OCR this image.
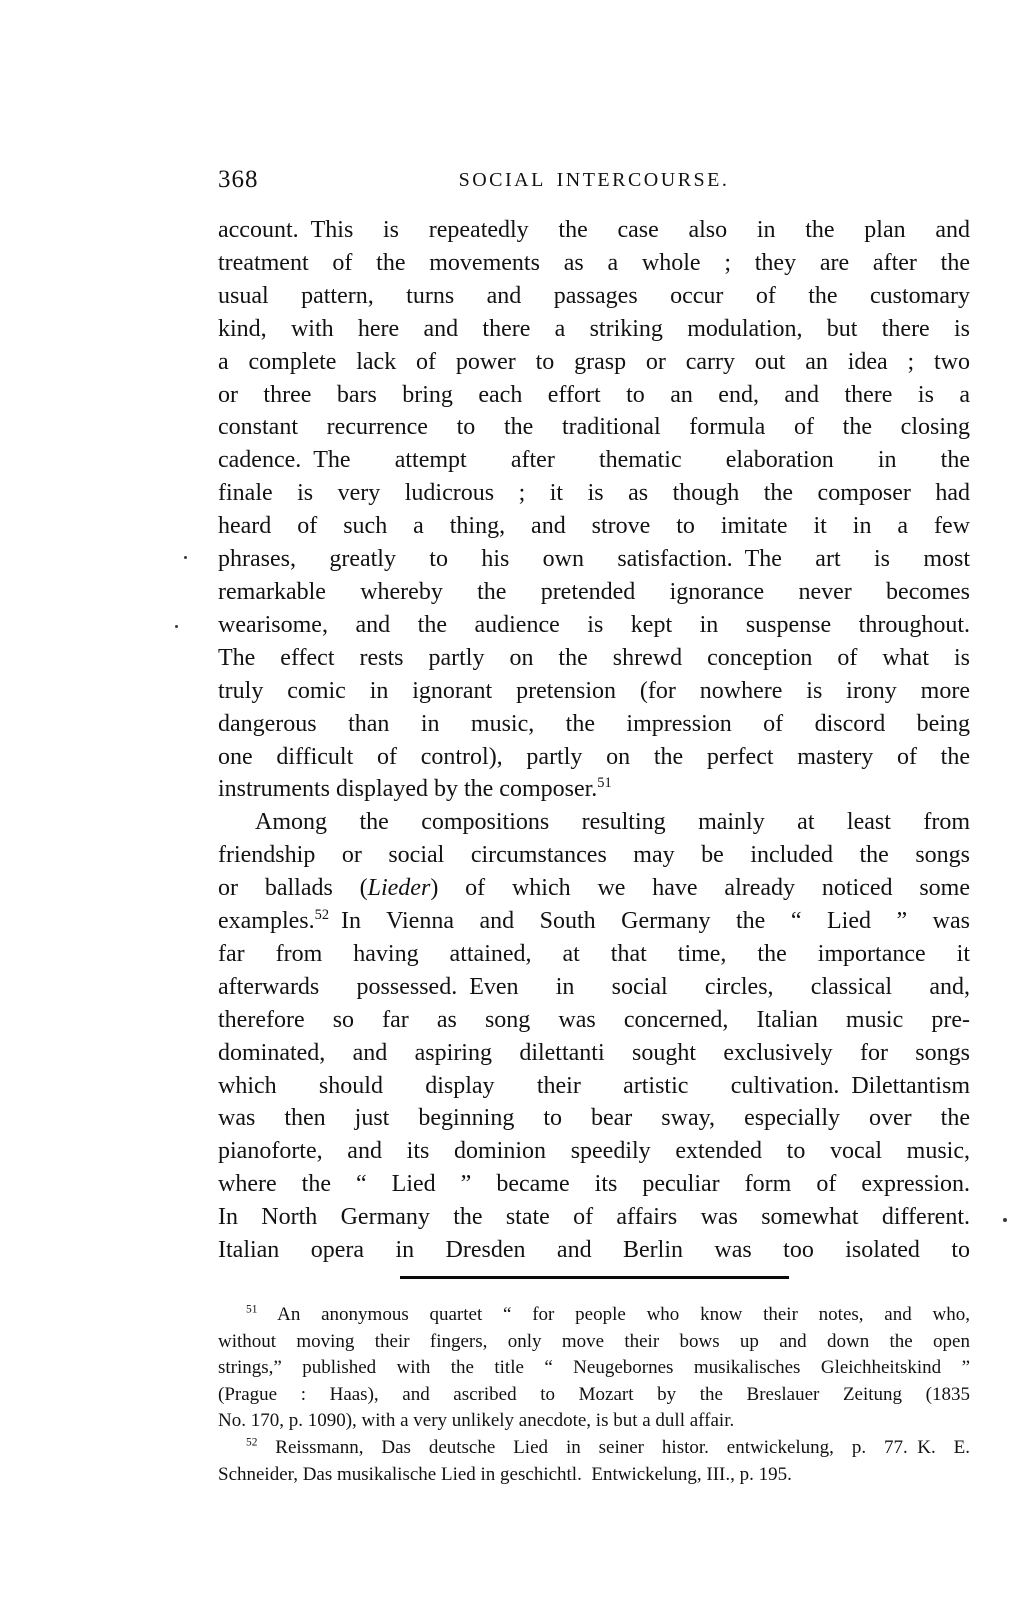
368	SOCIAL INTERCOURSE.
account. This is repeatedly the case also in the plan and
treatment of the movements as a whole ; they are after the
usual pattern, turns and passages occur of the customary
kind, with here and there a striking modulation, but there is
a complete lack of power to grasp or carry out an idea ; two
or three bars bring each effort to an end, and there is a
constant recurrence to the traditional formula of the closing
cadence. The attempt after thematic elaboration in the
finale is very ludicrous ; it is as though the composer had
heard of such a thing, and strove to imitate it in a few
phrases, greatly to his own satisfaction. The art is most
remarkable whereby the pretended ignorance never becomes
wearisome, and the audience is kept in suspense throughout.
The effect rests partly on the shrewd conception of what is
truly comic in ignorant pretension (for nowhere is irony more
dangerous than in music, the impression of discord being
one difficult of control), partly on the perfect mastery of the
instruments displayed by the composer.$^{51}$
Among the compositions resulting mainly at least from
friendship or social circumstances may be included the songs
or ballads (Lieder) of which we have already noticed some
examples.$^{52}$ In Vienna and South Germany the “ Lied ” was
far from having attained, at that time, the importance it
afterwards possessed. Even in social circles, classical and,
therefore so far as song was concerned, Italian music pre-
dominated, and aspiring dilettanti sought exclusively for songs
which should display their artistic cultivation. Dilettantism
was then just beginning to bear sway, especially over the
pianoforte, and its dominion speedily extended to vocal music,
where the “ Lied ” became its peculiar form of expression.
In North Germany the state of affairs was somewhat different.
Italian opera in Dresden and Berlin was too isolated to
$^{51}$ An anonymous quartet “ for people who know their notes, and who,
without moving their fingers, only move their bows up and down the open
strings,” published with the title “ Neugebornes musikalisches Gleichheitskind ”
(Prague : Haas), and ascribed to Mozart by the Breslauer Zeitung (1835
No. 170, p. 1090), with a very unlikely anecdote, is but a dull affair.
$^{52}$ Reissmann, Das deutsche Lied in seiner histor. entwickelung, p. 77. K. E.
Schneider, Das musikalische Lied in geschichtl. Entwickelung, III., p. 195.
